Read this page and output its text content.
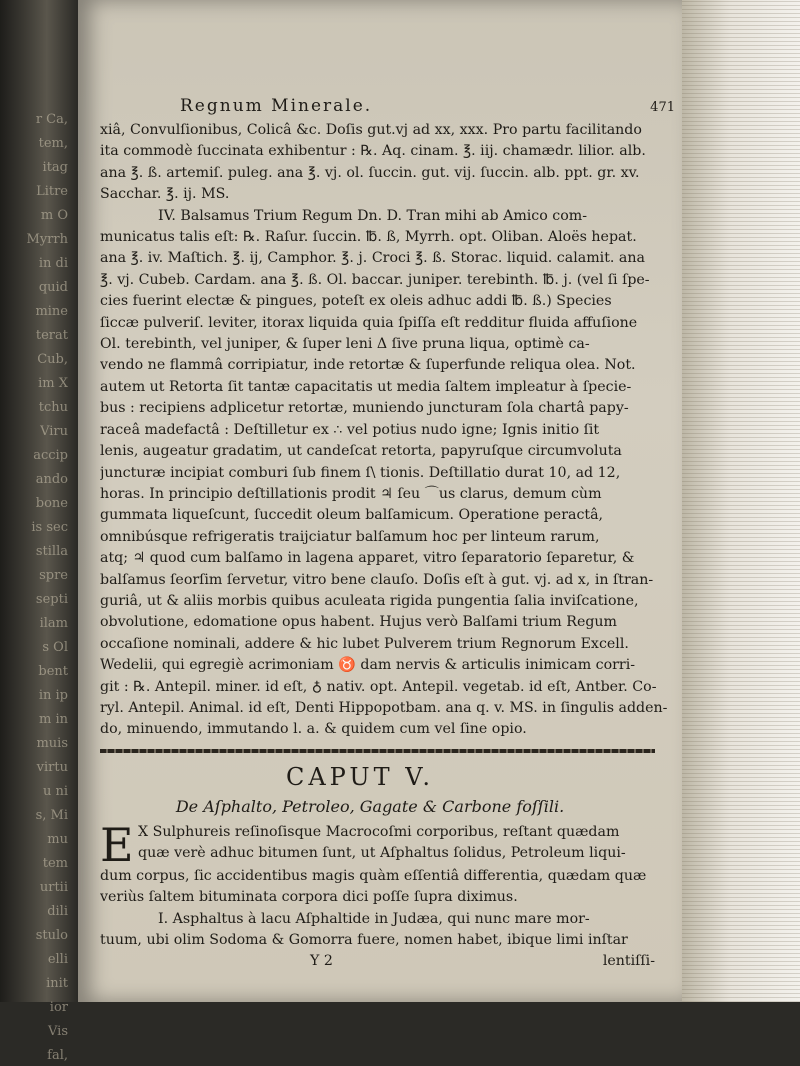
r Ca,
tem,
itag
Litre
m O
Myrrh
in di
quid
mine
terat
Cub,
im X
tchu
Viru
accip
ando
bone
is sec
stilla
spre
septi
ilam
s Ol
bent
in ip
m in
muis
virtu
u ni
s, Mi
mu
tem
urtii
dili
stulo
elli
init
ior
Vis
fal,
Regnum Minerale.	471
xiâ, Convulſionibus, Colicâ &c. Doſis gut.vj ad xx, xxx. Pro partu facilitando
ita commodè ſuccinata exhibentur : ℞. Aq. cinam. ℥. iij. chamædr. lilior. alb.
ana ℥. ß. artemiſ. puleg. ana ℥. vj. ol. ſuccin. gut. vij. ſuccin. alb. ppt. gr. xv.
Sacchar. ℥. ij. MS.
IV. Balsamus Trium Regum Dn. D. Tran mihi ab Amico com-
municatus talis eſt: ℞. Raſur. ſuccin. ℔. ß, Myrrh. opt. Oliban. Aloës hepat.
ana ℥. iv. Maſtich. ℥. ij, Camphor. ℥. j. Croci ℥. ß. Storac. liquid. calamit. ana
℥. vj. Cubeb. Cardam. ana ℥. ß. Ol. baccar. juniper. terebinth. ℔. j. (vel ſi ſpe-
cies fuerint electæ & pingues, poteſt ex oleis adhuc addi ℔. ß.) Species
ſiccæ pulveriſ. leviter, itorax liquida quia ſpiſſa eſt redditur fluida affuſione
Ol. terebinth, vel juniper, & ſuper leni Δ ſive pruna liqua, optimè ca-
vendo ne flammâ corripiatur, inde retortæ & ſuperfunde reliqua olea. Not.
autem ut Retorta ſit tantæ capacitatis ut media ſaltem impleatur à ſpecie-
bus : recipiens adplicetur retortæ, muniendo juncturam ſola chartâ papy-
raceâ madefactâ : Deſtilletur ex ∴ vel potius nudo igne; Ignis initio ſit
lenis, augeatur gradatim, ut candeſcat retorta, papyruſque circumvoluta
juncturæ incipiat comburi ſub finem ſ\ tionis. Deſtillatio durat 10, ad 12,
horas. In principio deſtillationis prodit ♃ ſeu ⌒us clarus, demum cùm
gummata liqueſcunt, ſuccedit oleum balſamicum. Operatione peractâ,
omnibúsque refrigeratis traijciatur balſamum hoc per linteum rarum,
atq; ♃ quod cum balſamo in lagena apparet, vitro ſeparatorio ſeparetur, &
balſamus ſeorſim ſervetur, vitro bene clauſo. Doſis eſt à gut. vj. ad x, in ſtran-
guriâ, ut & aliis morbis quibus aculeata rigida pungentia ſalia inviſcatione,
obvolutione, edomatione opus habent. Hujus verò Balſami trium Regum
occaſione nominali, addere & hic lubet Pulverem trium Regnorum Excell.
Wedelii, qui egregiè acrimoniam ♉ dam nervis & articulis inimicam corri-
git : ℞. Antepil. miner. id eſt, ♁ nativ. opt. Antepil. vegetab. id eſt, Antber. Co-
ryl. Antepil. Animal. id eſt, Denti Hippopotbam. ana q. v. MS. in ſingulis adden-
do, minuendo, immutando l. a. & quidem cum vel ſine opio.
CAPUT V.
De Aſphalto, Petroleo, Gagate & Carbone foſſili.
E X Sulphureis reſinoſisque Macrocoſmi corporibus, reſtant quædam
quæ verè adhuc bitumen ſunt, ut Aſphaltus ſolidus, Petroleum liqui-
dum corpus, ſic accidentibus magis quàm eſſentiâ differentia, quædam quæ
veriùs ſaltem bituminata corpora dici poſſe ſupra diximus.
I. Asphaltus à lacu Aſphaltide in Judæa, qui nunc mare mor-
tuum, ubi olim Sodoma & Gomorra fuere, nomen habet, ibique limi inſtar
Y 2	lentiſſi-
